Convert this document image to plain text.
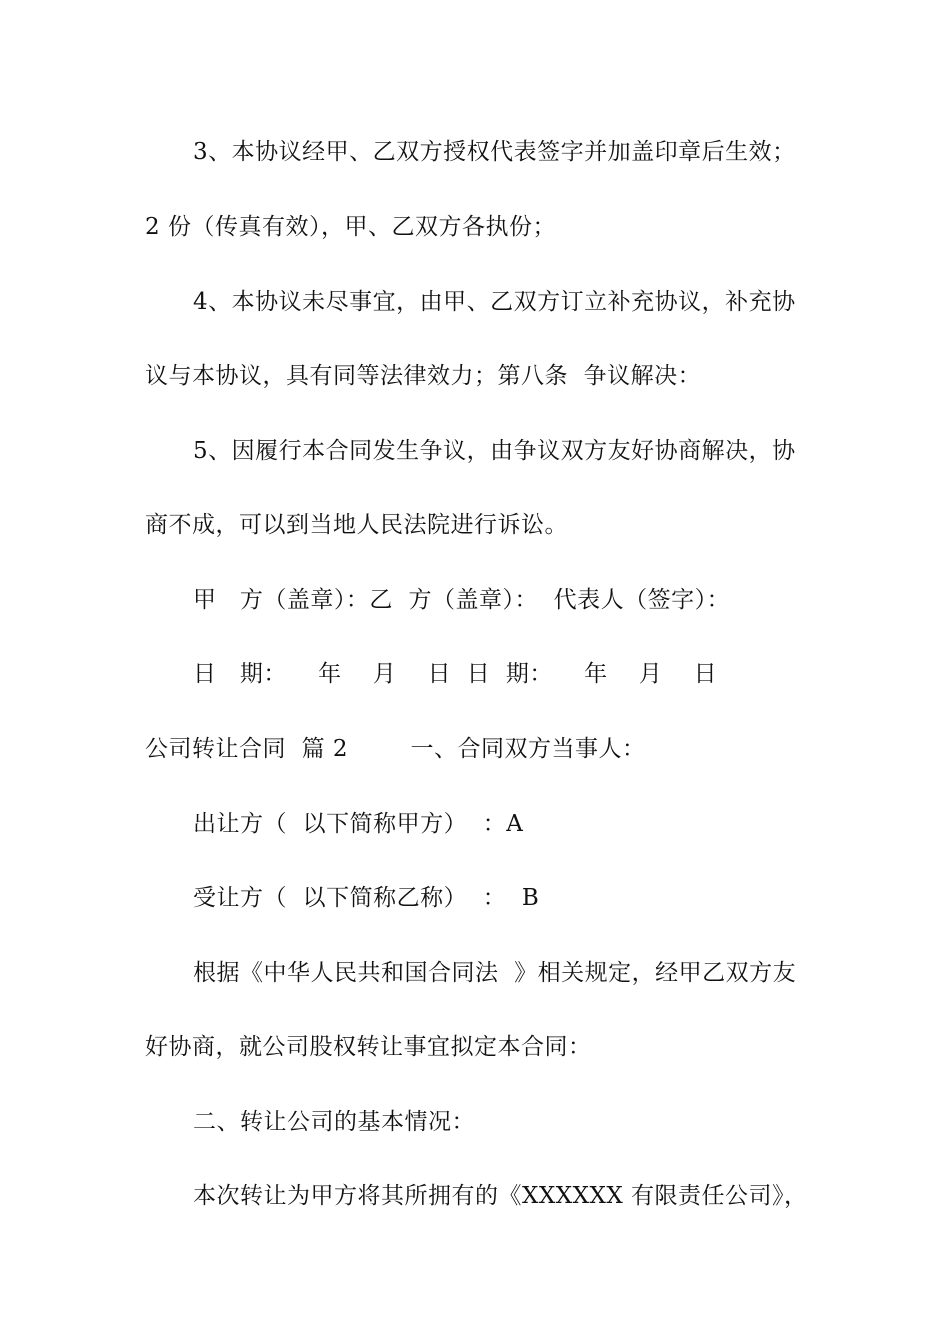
3、本协议经甲、乙双方授权代表签字并加盖印章后生效；
2 份（传真有效），甲、乙双方各执份；
4、本协议未尽事宜，由甲、乙双方订立补充协议，补充协
议与本协议，具有同等法律效力；第八条  争议解决：
5、因履行本合同发生争议，由争议双方友好协商解决，协
商不成，可以到当地人民法院进行诉讼。
甲   方（盖章）：乙  方（盖章）：  代表人（签字）：
日   期：    年    月    日  日  期：    年    月    日
公司转让合同  篇 2        一、合同双方当事人：
出让方（  以下简称甲方）  ：A
受让方（  以下简称乙称）  ：  B
根据《中华人民共和国合同法  》相关规定，经甲乙双方友
好协商，就公司股权转让事宜拟定本合同：
二、转让公司的基本情况：
本次转让为甲方将其所拥有的《XXXXXX 有限责任公司》，
